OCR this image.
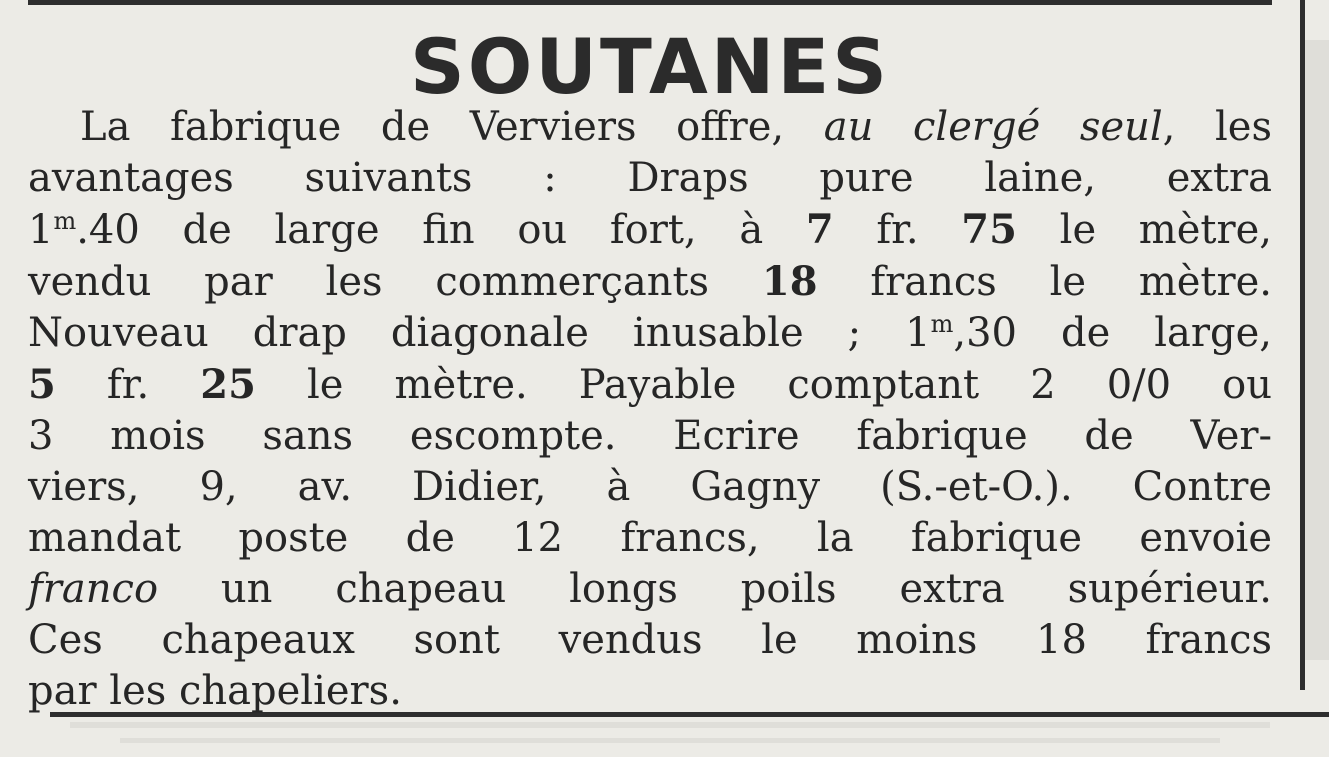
SOUTANES
La fabrique de Verviers offre, au clergé seul, les
avantages suivants : Draps pure laine, extra
1$^m$.40 de large fin ou fort, à 7 fr. 75 le mètre,
vendu par les commerçants 18 francs le mètre.
Nouveau drap diagonale inusable ; 1$^m$,30 de large,
5 fr. 25 le mètre. Payable comptant 2 0/0 ou
3 mois sans escompte. Ecrire fabrique de Ver-
viers, 9, av. Didier, à Gagny (S.-et-O.). Contre
mandat poste de 12 francs, la fabrique envoie
franco un chapeau longs poils extra supérieur.
Ces chapeaux sont vendus le moins 18 francs
par les chapeliers.
